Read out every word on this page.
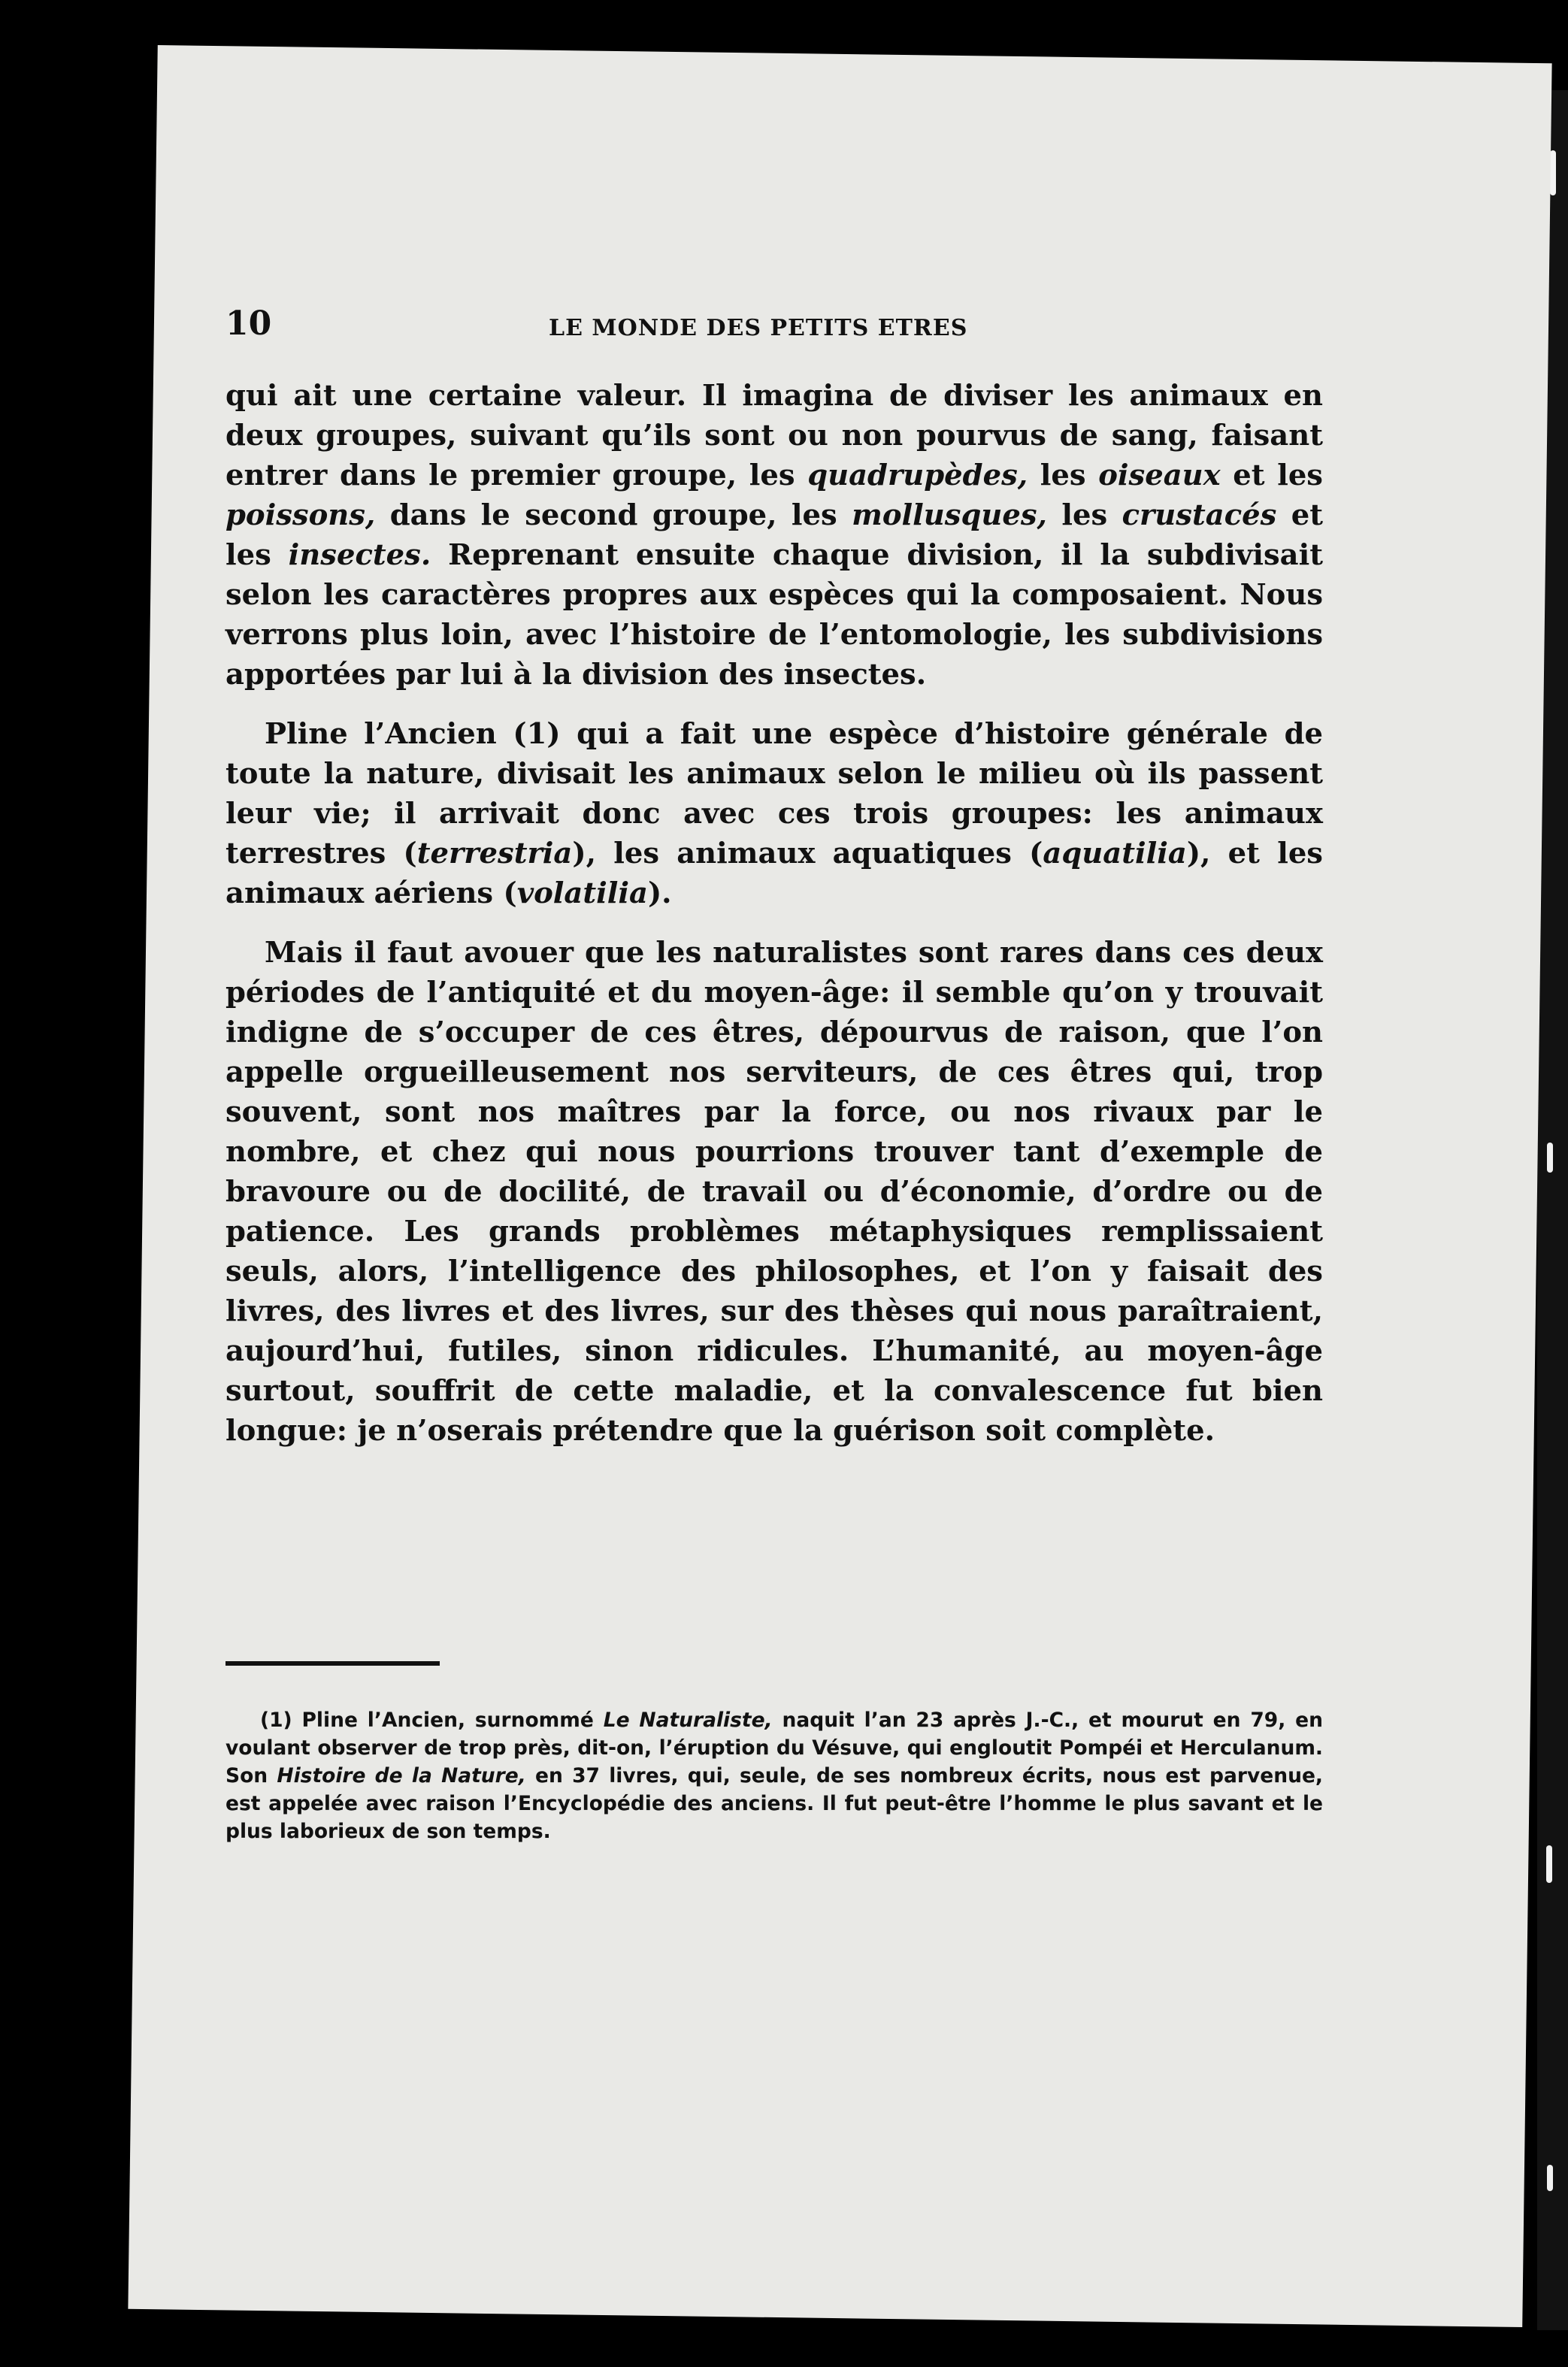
10	LE MONDE DES PETITS ETRES

qui ait une certaine valeur. Il imagina de diviser les animaux en deux groupes, suivant qu’ils sont ou non pourvus de sang, faisant entrer dans le premier groupe, les quadrupèdes, les oiseaux et les poissons, dans le second groupe, les mollusques, les crustacés et les insectes. Reprenant ensuite chaque division, il la subdivisait selon les caractères propres aux espèces qui la composaient. Nous verrons plus loin, avec l’histoire de l’entomologie, les subdivisions apportées par lui à la division des insectes.

Pline l’Ancien (1) qui a fait une espèce d’histoire générale de toute la nature, divisait les animaux selon le milieu où ils passent leur vie; il arrivait donc avec ces trois groupes: les animaux terrestres (terrestria), les animaux aquatiques (aquatilia), et les animaux aériens (volatilia).

Mais il faut avouer que les naturalistes sont rares dans ces deux périodes de l’antiquité et du moyen-âge: il semble qu’on y trouvait indigne de s’occuper de ces êtres, dépourvus de raison, que l’on appelle orgueilleusement nos serviteurs, de ces êtres qui, trop souvent, sont nos maîtres par la force, ou nos rivaux par le nombre, et chez qui nous pourrions trouver tant d’exemple de bravoure ou de docilité, de travail ou d’économie, d’ordre ou de patience. Les grands problèmes métaphysiques remplissaient seuls, alors, l’intelligence des philosophes, et l’on y faisait des livres, des livres et des livres, sur des thèses qui nous paraîtraient, aujourd’hui, futiles, sinon ridicules. L’humanité, au moyen-âge surtout, souffrit de cette maladie, et la convalescence fut bien longue: je n’oserais prétendre que la guérison soit complète.

(1) Pline l’Ancien, surnommé Le Naturaliste, naquit l’an 23 après J.-C., et mourut en 79, en voulant observer de trop près, dit-on, l’éruption du Vésuve, qui engloutit Pompéi et Herculanum. Son Histoire de la Nature, en 37 livres, qui, seule, de ses nombreux écrits, nous est parvenue, est appelée avec raison l’Encyclopédie des anciens. Il fut peut-être l’homme le plus savant et le plus laborieux de son temps.
